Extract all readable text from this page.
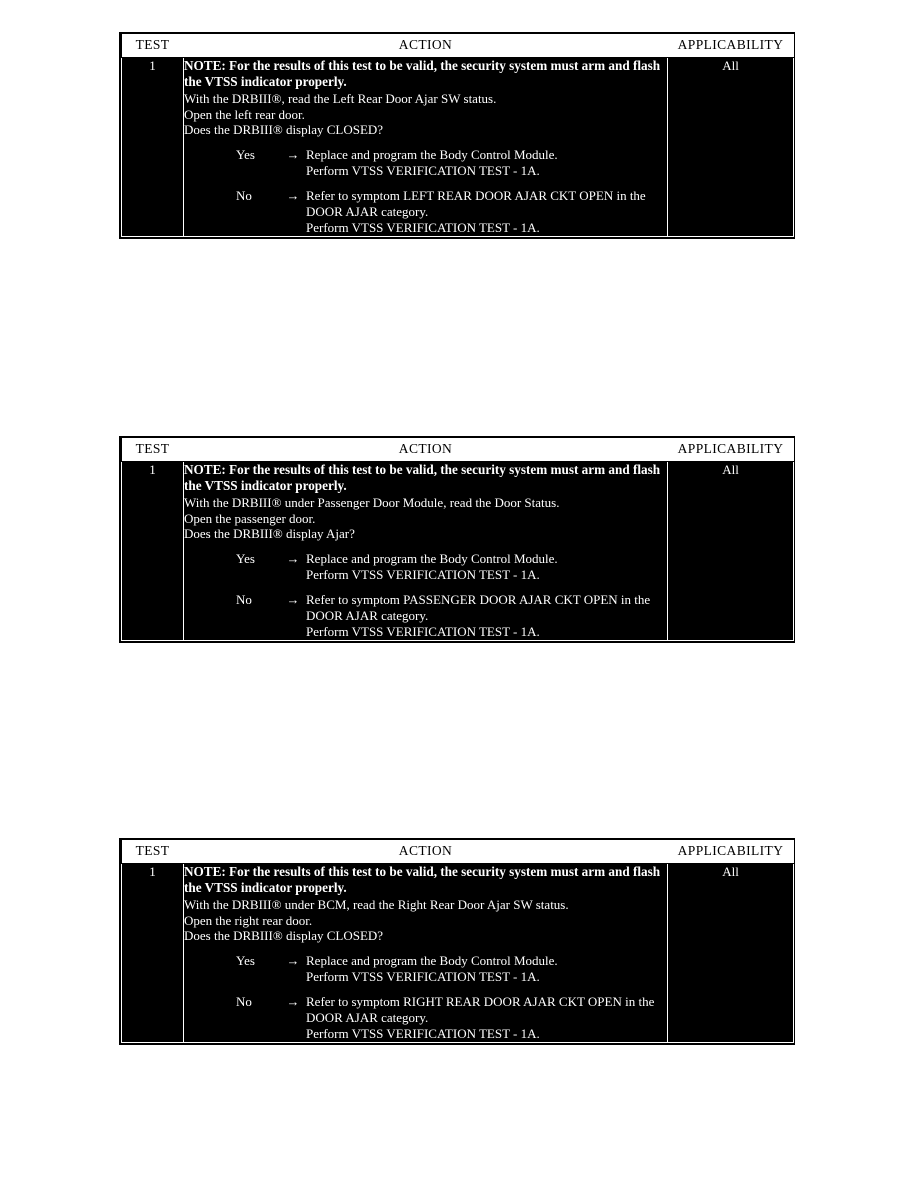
TEST	ACTION	APPLICABILITY
1	NOTE: For the results of this test to be valid, the security system must arm and flash the VTSS indicator properly.
With the DRBIII®, read the Left Rear Door Ajar SW status.
Open the left rear door.
Does the DRBIII® display CLOSED?
Yes	→ Replace and program the Body Control Module.
Perform VTSS VERIFICATION TEST - 1A.
No	→ Refer to symptom LEFT REAR DOOR AJAR CKT OPEN in the DOOR AJAR category.
Perform VTSS VERIFICATION TEST - 1A.
	All
TEST	ACTION	APPLICABILITY
1	NOTE: For the results of this test to be valid, the security system must arm and flash the VTSS indicator properly.
With the DRBIII® under Passenger Door Module, read the Door Status.
Open the passenger door.
Does the DRBIII® display Ajar?
Yes	→ Replace and program the Body Control Module.
Perform VTSS VERIFICATION TEST - 1A.
No	→ Refer to symptom PASSENGER DOOR AJAR CKT OPEN in the DOOR AJAR category.
Perform VTSS VERIFICATION TEST - 1A.
	All
TEST	ACTION	APPLICABILITY
1	NOTE: For the results of this test to be valid, the security system must arm and flash the VTSS indicator properly.
With the DRBIII® under BCM, read the Right Rear Door Ajar SW status.
Open the right rear door.
Does the DRBIII® display CLOSED?
Yes	→ Replace and program the Body Control Module.
Perform VTSS VERIFICATION TEST - 1A.
No	→ Refer to symptom RIGHT REAR DOOR AJAR CKT OPEN in the DOOR AJAR category.
Perform VTSS VERIFICATION TEST - 1A.
	All
